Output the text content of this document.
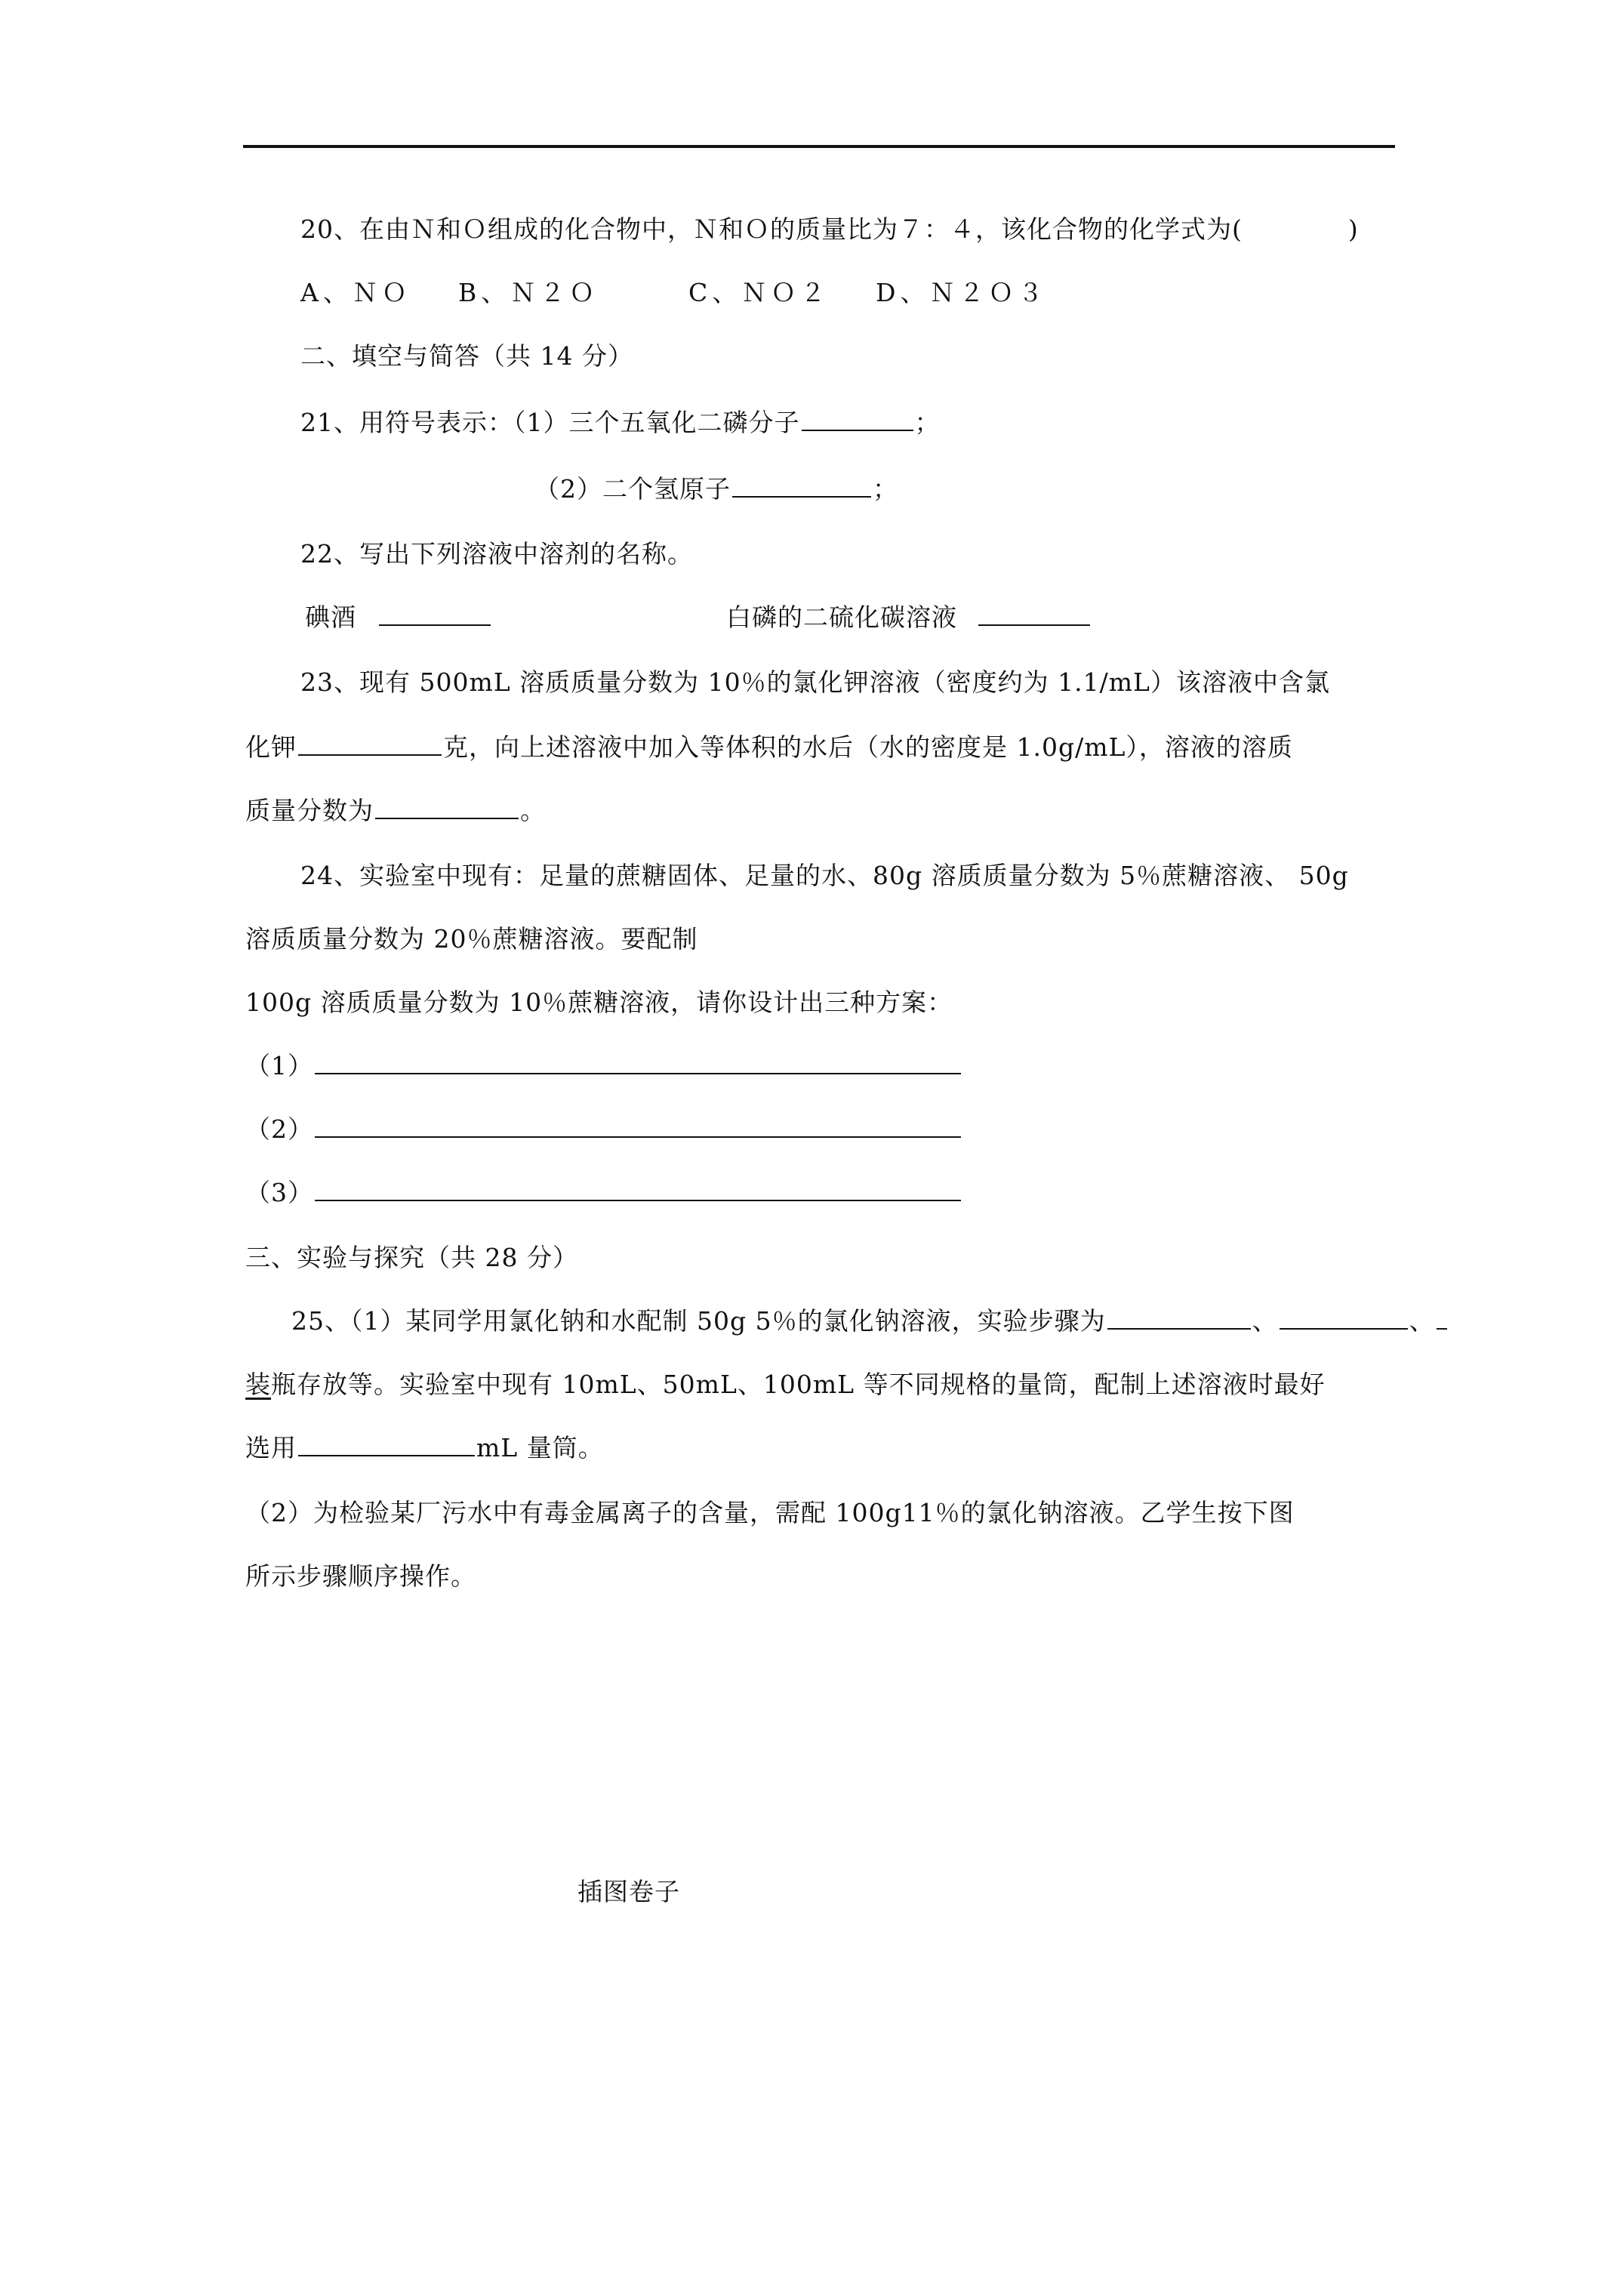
20、在由Ｎ和Ｏ组成的化合物中，Ｎ和Ｏ的质量比为７：４，该化合物的化学式为(	)
A、ＮＯ B、Ｎ２Ｏ	C、ＮＯ２ D、Ｎ２Ｏ３
二、填空与简答（共 14 分）
21、用符号表示：（1）三个五氧化二磷分子	；
（2）二个氢原子	；
22、写出下列溶液中溶剂的名称。
碘酒	白磷的二硫化碳溶液
23、现有 500mL 溶质质量分数为 10％的氯化钾溶液（密度约为 1.1/mL）该溶液中含氯
化钾	克，向上述溶液中加入等体积的水后（水的密度是 1.0g/mL），溶液的溶质
质量分数为	。
24、实验室中现有：足量的蔗糖固体、足量的水、80g 溶质质量分数为 5％蔗糖溶液、 50g
溶质质量分数为 20％蔗糖溶液。要配制
100g 溶质质量分数为 10％蔗糖溶液，请你设计出三种方案：
（1）
（2）
（3）
三、实验与探究（共 28 分）
25、（1）某同学用氯化钠和水配制 50g 5％的氯化钠溶液，实验步骤为	、	、
装瓶存放等。实验室中现有 10mL、50mL、100mL 等不同规格的量筒，配制上述溶液时最好
选用	mL 量筒。
（2）为检验某厂污水中有毒金属离子的含量，需配 100g11％的氯化钠溶液。乙学生按下图
所示步骤顺序操作。
插图卷子
